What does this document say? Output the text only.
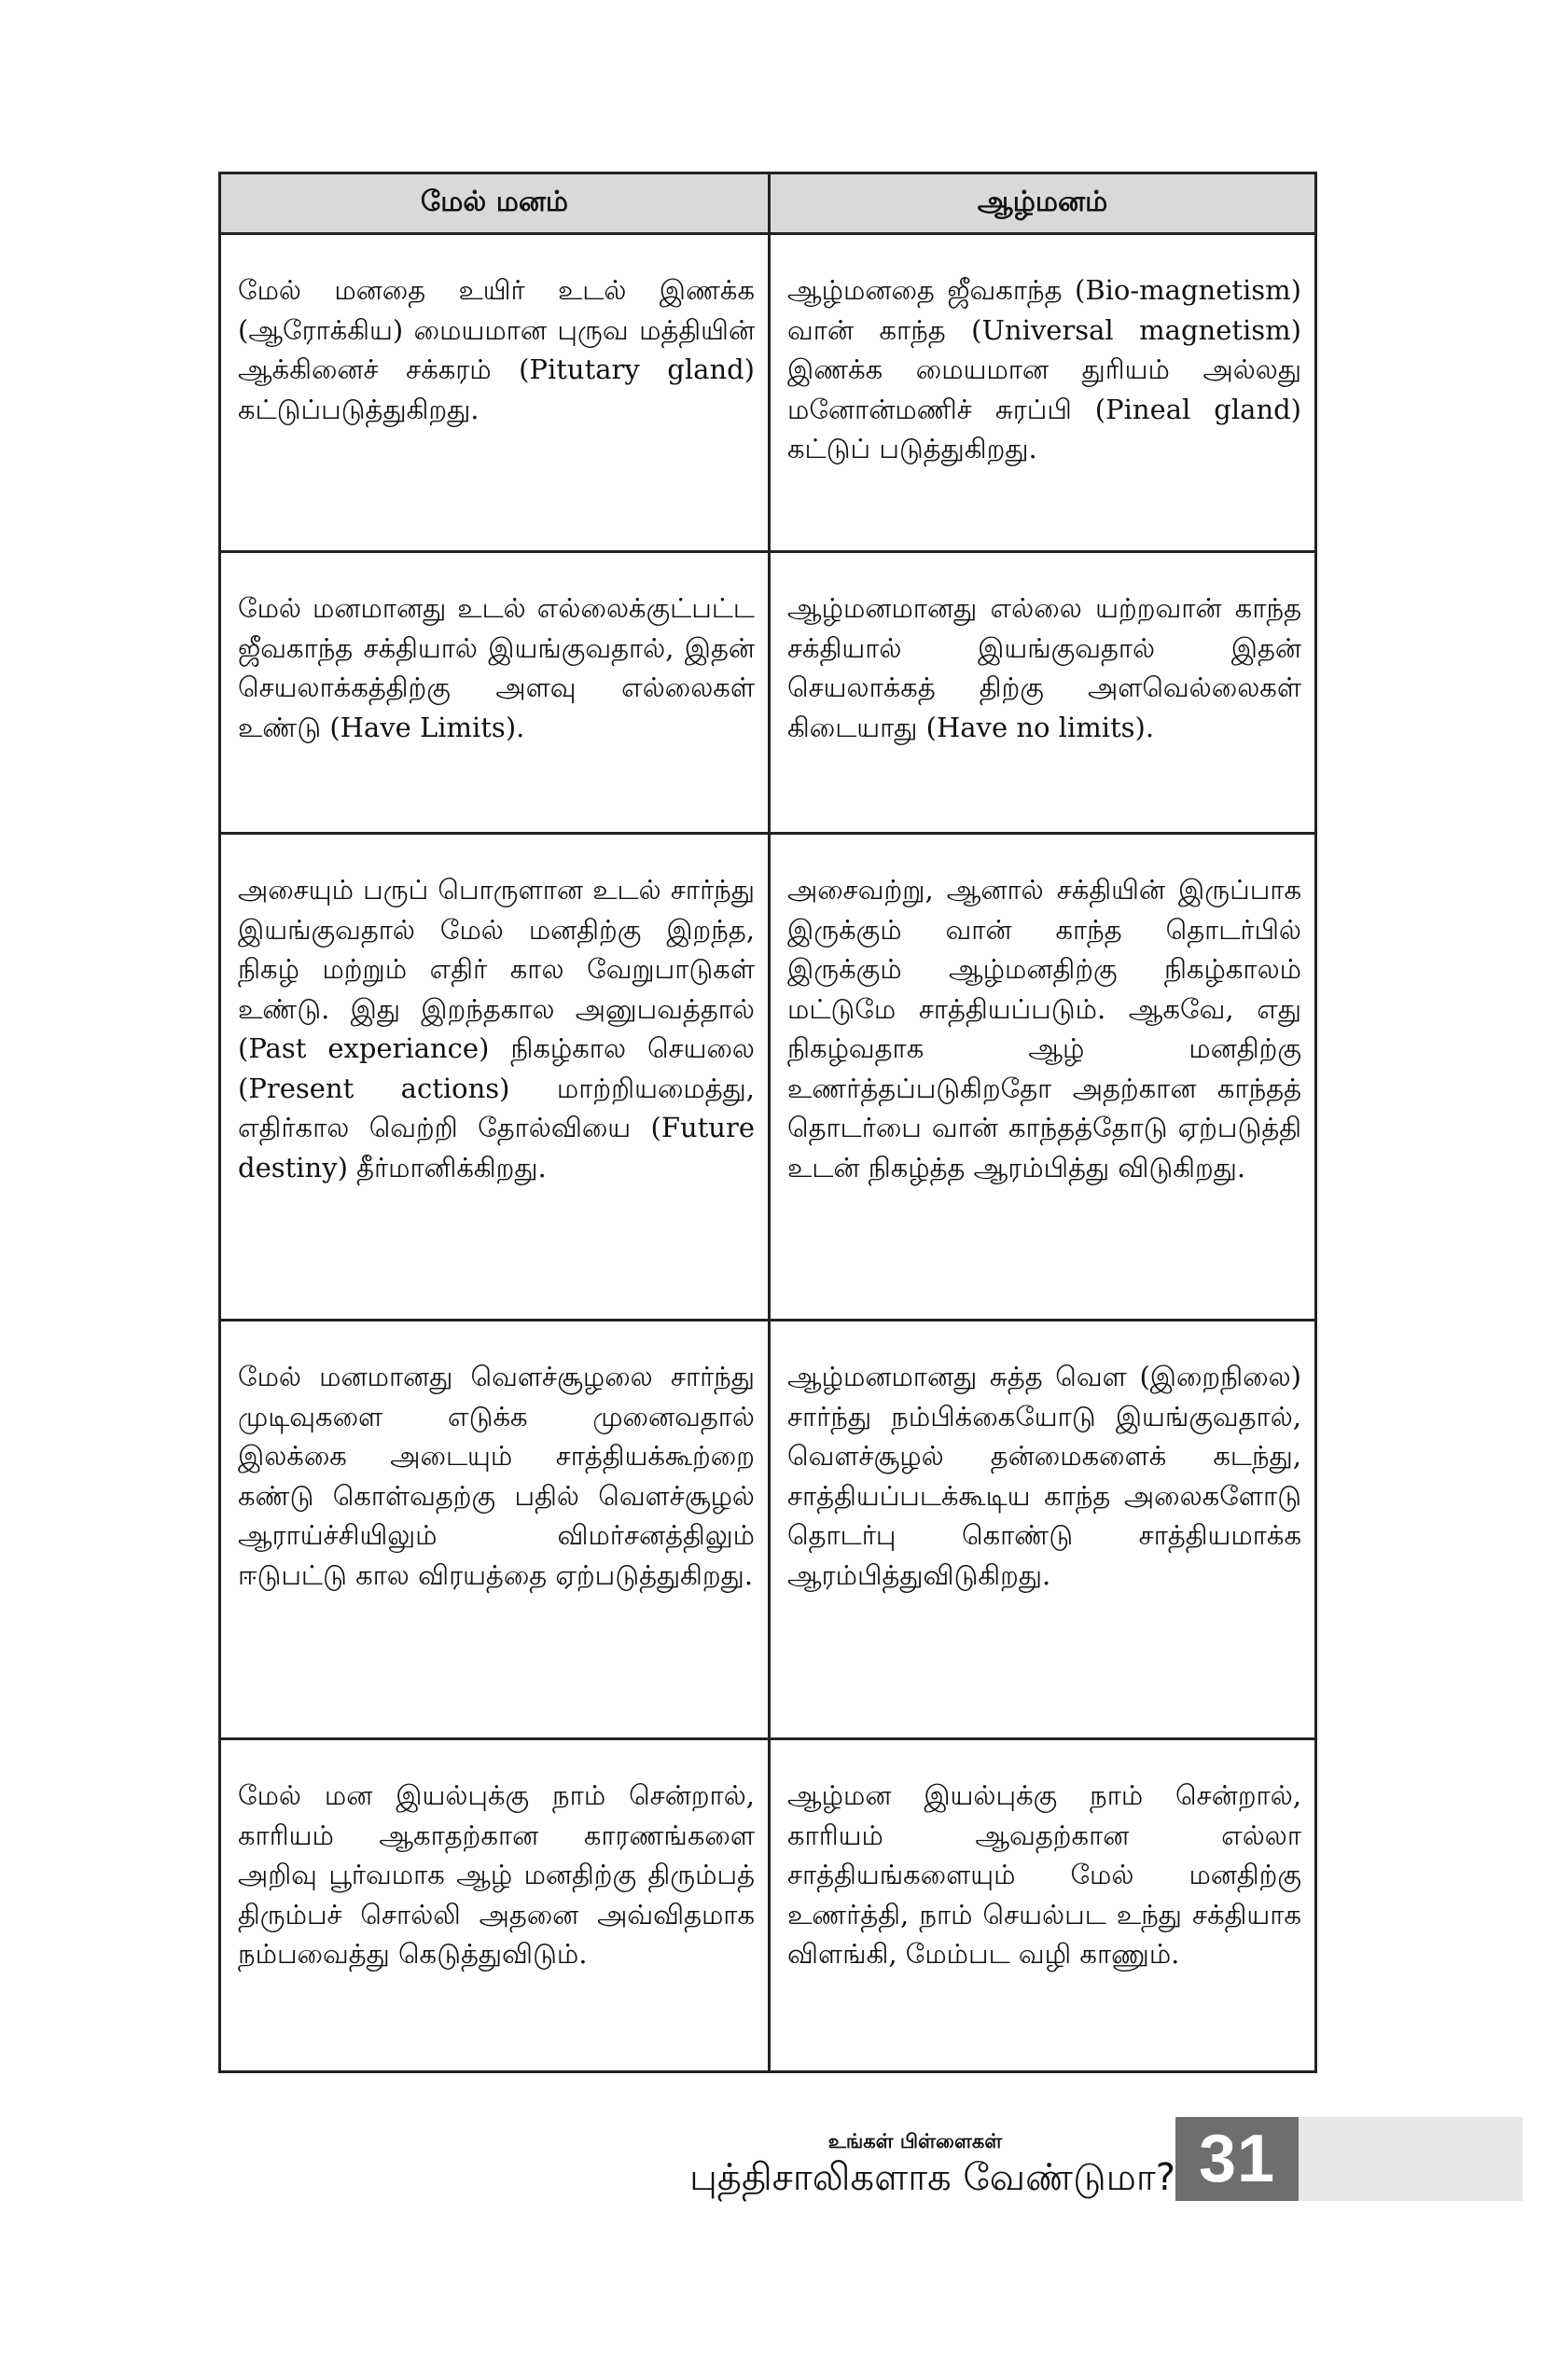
மேல் மனம்	ஆழ்மனம்
மேல் மனதை உயிர் உடல் இணக்க (ஆரோக்கிய) மையமான புருவ மத்தியின் ஆக்கினைச் சக்கரம் (Pitutary gland) கட்டுப்படுத்துகிறது.
ஆழ்மனதை ஜீவகாந்த (Bio-magnetism) வான் காந்த (Universal magnetism) இணக்க மையமான துரியம் அல்லது மனோன்மணிச் சுரப்பி (Pineal gland) கட்டுப் படுத்துகிறது.
மேல் மனமானது உடல் எல்லைக்குட்பட்ட ஜீவகாந்த சக்தியால் இயங்குவதால், இதன் செயலாக்கத்திற்கு அளவு எல்லைகள் உண்டு (Have Limits).
ஆழ்மனமானது எல்லை யற்றவான் காந்த சக்தியால் இயங்குவதால் இதன் செயலாக்கத் திற்கு அளவெல்லைகள் கிடையாது (Have no limits).
அசையும் பருப் பொருளான உடல் சார்ந்து இயங்குவதால் மேல் மனதிற்கு இறந்த, நிகழ் மற்றும் எதிர் கால வேறுபாடுகள் உண்டு. இது இறந்தகால அனுபவத்தால் (Past experiance) நிகழ்கால செயலை (Present actions) மாற்றியமைத்து, எதிர்கால வெற்றி தோல்வியை (Future destiny) தீர்மானிக்கிறது.
அசைவற்று, ஆனால் சக்தியின் இருப்பாக இருக்கும் வான் காந்த தொடர்பில் இருக்கும் ஆழ்மனதிற்கு நிகழ்காலம் மட்டுமே சாத்தியப்படும். ஆகவே, எது நிகழ்வதாக ஆழ் மனதிற்கு உணர்த்தப்படுகிறதோ அதற்கான காந்தத் தொடர்பை வான் காந்தத்தோடு ஏற்படுத்தி உடன் நிகழ்த்த ஆரம்பித்து விடுகிறது.
மேல் மனமானது வெளச்சூழலை சார்ந்து முடிவுகளை எடுக்க முனைவதால் இலக்கை அடையும் சாத்தியக்கூற்றை கண்டு கொள்வதற்கு பதில் வெளச்சூழல் ஆராய்ச்சியிலும் விமர்சனத்திலும் ஈடுபட்டு கால விரயத்தை ஏற்படுத்துகிறது.
ஆழ்மனமானது சுத்த வெள (இறைநிலை) சார்ந்து நம்பிக்கையோடு இயங்குவதால், வெளச்சூழல் தன்மைகளைக் கடந்து, சாத்தியப்படக்கூடிய காந்த அலைகளோடு தொடர்பு கொண்டு சாத்தியமாக்க ஆரம்பித்துவிடுகிறது.
மேல் மன இயல்புக்கு நாம் சென்றால், காரியம் ஆகாதற்கான காரணங்களை அறிவு பூர்வமாக ஆழ் மனதிற்கு திரும்பத் திரும்பச் சொல்லி அதனை அவ்விதமாக நம்பவைத்து கெடுத்துவிடும்.
ஆழ்மன இயல்புக்கு நாம் சென்றால், காரியம் ஆவதற்கான எல்லா சாத்தியங்களையும் மேல் மனதிற்கு உணர்த்தி, நாம் செயல்பட உந்து சக்தியாக விளங்கி, மேம்பட வழி காணும்.
உங்கள் பிள்ளைகள்
புத்திசாலிகளாக வேண்டுமா? 31
